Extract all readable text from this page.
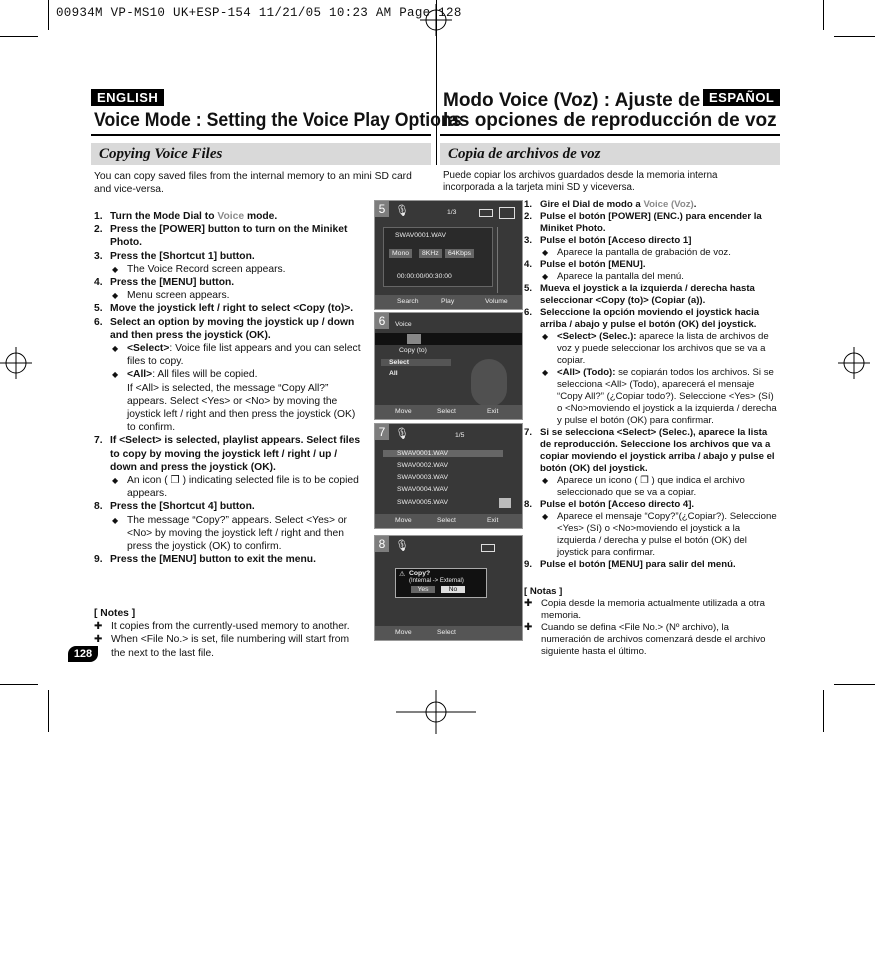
00934M VP-MS10 UK+ESP-154 11/21/05 10:23 AM Page 128
ENGLISH	ESPAÑOL
Voice Mode : Setting the Voice Play Options
Modo Voice (Voz) : Ajuste de
las opciones de reproducción de voz
Copying Voice Files	Copia de archivos de voz
You can copy saved files from the internal memory to an mini SD card and vice-versa.
Puede copiar los archivos guardados desde la memoria interna incorporada a la tarjeta mini SD y viceversa.
1. Turn the Mode Dial to Voice mode.
2. Press the [POWER] button to turn on the Miniket Photo.
3. Press the [Shortcut 1] button.
◆ The Voice Record screen appears.
4. Press the [MENU] button.
◆ Menu screen appears.
5. Move the joystick left / right to select <Copy (to)>.
6. Select an option by moving the joystick up / down and then press the joystick (OK).
◆ <Select>: Voice file list appears and you can select files to copy.
◆ <All>: All files will be copied.
If <All> is selected, the message “Copy All?” appears. Select <Yes> or <No> by moving the joystick left / right and then press the joystick (OK) to confirm.
7. If <Select> is selected, playlist appears. Select files to copy by moving the joystick left / right / up / down and press the joystick (OK).
◆ An icon ( ❐ ) indicating selected file is to be copied appears.
8. Press the [Shortcut 4] button.
◆ The message “Copy?” appears. Select <Yes> or <No> by moving the joystick left / right and then press the joystick (OK) to confirm.
9. Press the [MENU] button to exit the menu.
[ Notes ]
✚ It copies from the currently-used memory to another.
✚ When <File No.> is set, file numbering will start from the next to the last file.
128
1. Gire el Dial de modo a Voice (Voz).
2. Pulse el botón [POWER] (ENC.) para encender la Miniket Photo.
3. Pulse el botón [Acceso directo 1]
◆ Aparece la pantalla de grabación de voz.
4. Pulse el botón [MENU].
◆ Aparece la pantalla del menú.
5. Mueva el joystick a la izquierda / derecha hasta seleccionar <Copy (to)> (Copiar (a)).
6. Seleccione la opción moviendo el joystick hacia arriba / abajo y pulse el botón (OK) del joystick.
◆ <Select> (Selec.): aparece la lista de archivos de voz y puede seleccionar los archivos que se va a copiar.
◆ <All> (Todo): se copiarán todos los archivos. Si se selecciona <All> (Todo), aparecerá el mensaje “Copy All?” (¿Copiar todo?). Seleccione <Yes> (Sí) o <No>moviendo el joystick a la izquierda / derecha y pulse el botón (OK) para confirmar.
7. Si se selecciona <Select> (Selec.), aparece la lista de reproducción. Seleccione los archivos que va a copiar moviendo el joystick arriba / abajo y pulse el botón (OK) del joystick.
◆ Aparece un icono ( ❐ ) que indica el archivo seleccionado que se va a copiar.
8. Pulse el botón [Acceso directo 4].
◆ Aparece el mensaje “Copy?”(¿Copiar?). Seleccione <Yes> (Sí) o <No>moviendo el joystick a la izquierda / derecha y pulse el botón (OK) del joystick para confirmar.
9. Pulse el botón [MENU] para salir del menú.
[ Notas ]
✚ Copia desde la memoria actualmente utilizada a otra memoria.
✚ Cuando se defina <File No.> (Nº archivo), la numeración de archivos comenzará desde el archivo siguiente hasta el último.
5 🎙	1/3
SWAV0001.WAV
Mono	8KHz	64Kbps
00:00:00/00:30:00
Search	Play	Volume
6	Voice
Copy (to)
Select
All
Move	Select	Exit
7 🎙	1/5
SWAV0001.WAV
SWAV0002.WAV
SWAV0003.WAV
SWAV0004.WAV
SWAV0005.WAV
Move	Select	Exit
8 🎙
⚠ Copy?
(Internal -> External)
Yes	No
Move	Select
